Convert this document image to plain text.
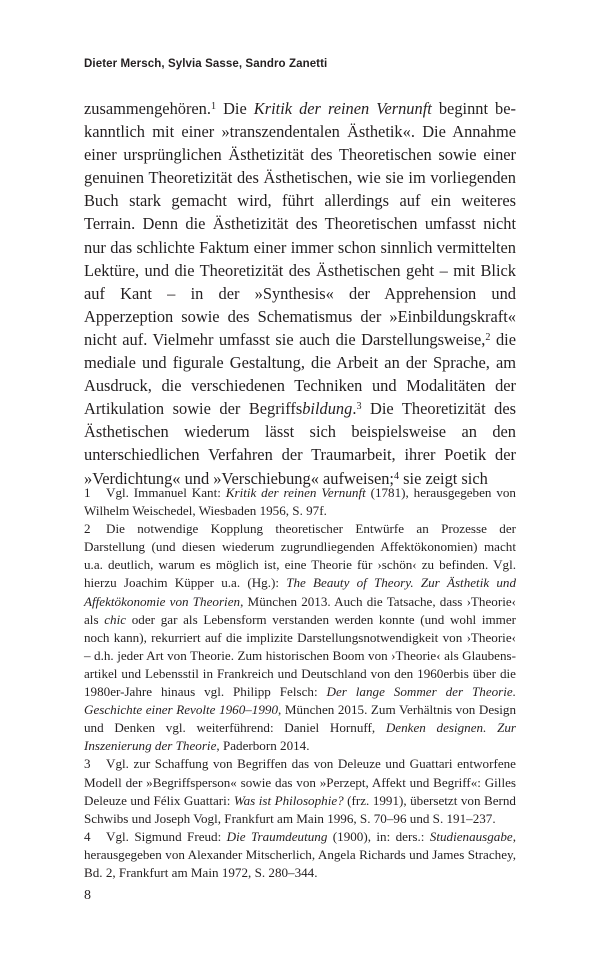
Dieter Mersch, Sylvia Sasse, Sandro Zanetti
zusammengehören.$^1$ Die Kritik der reinen Vernunft beginnt bekanntlich mit einer »transzendentalen Ästhetik«. Die Annahme einer ursprünglichen Ästhetizität des Theoretischen sowie einer genuinen Theoretizität des Ästhetischen, wie sie im vorliegenden Buch stark gemacht wird, führt allerdings auf ein weiteres Terrain. Denn die Ästhetizität des Theoretischen umfasst nicht nur das schlichte Faktum einer immer schon sinnlich vermittelten Lektüre, und die Theoretizität des Ästhetischen geht – mit Blick auf Kant – in der »Synthesis« der Apprehension und Apperzeption sowie des Schematismus der »Einbildungskraft« nicht auf. Vielmehr umfasst sie auch die Darstellungsweise,$^2$ die mediale und figurale Gestaltung, die Arbeit an der Sprache, am Ausdruck, die verschiedenen Techniken und Modalitäten der Artikulation sowie der Begriffsbildung.$^3$ Die Theoretizität des Ästhetischen wiederum lässt sich beispielsweise an den unterschiedlichen Verfahren der Traumarbeit, ihrer Poetik der »Verdichtung« und »Verschiebung« aufweisen;$^4$ sie zeigt sich

1 Vgl. Immanuel Kant: Kritik der reinen Vernunft (1781), herausgegeben von Wilhelm Weischedel, Wiesbaden 1956, S. 97f.

2 Die notwendige Kopplung theoretischer Entwürfe an Prozesse der Darstellung (und diesen wiederum zugrundliegenden Affektökonomien) macht u.a. deutlich, warum es möglich ist, eine Theorie für ›schön‹ zu befinden. Vgl. hierzu Joachim Küpper u.a. (Hg.): The Beauty of Theory. Zur Ästhetik und Affektökonomie von Theorien, München 2013. Auch die Tatsache, dass ›Theorie‹ als chic oder gar als Lebensform verstanden werden konnte (und wohl immer noch kann), rekurriert auf die implizite Darstellungsnotwendigkeit von ›Theorie‹ – d.h. jeder Art von Theorie. Zum historischen Boom von ›Theorie‹ als Glaubensartikel und Lebensstil in Frankreich und Deutschland von den 1960erbis über die 1980er-Jahre hinaus vgl. Philipp Felsch: Der lange Sommer der Theorie. Geschichte einer Revolte 1960–1990, München 2015. Zum Verhältnis von Design und Denken vgl. weiterführend: Daniel Hornuff, Denken designen. Zur Inszenierung der Theorie, Paderborn 2014.

3 Vgl. zur Schaffung von Begriffen das von Deleuze und Guattari entworfene Modell der »Begriffsperson« sowie das von »Perzept, Affekt und Begriff«: Gilles Deleuze und Félix Guattari: Was ist Philosophie? (frz. 1991), übersetzt von Bernd Schwibs und Joseph Vogl, Frankfurt am Main 1996, S. 70–96 und S. 191–237.

4 Vgl. Sigmund Freud: Die Traumdeutung (1900), in: ders.: Studienausgabe, herausgegeben von Alexander Mitscherlich, Angela Richards und James Strachey, Bd. 2, Frankfurt am Main 1972, S. 280–344.

8
